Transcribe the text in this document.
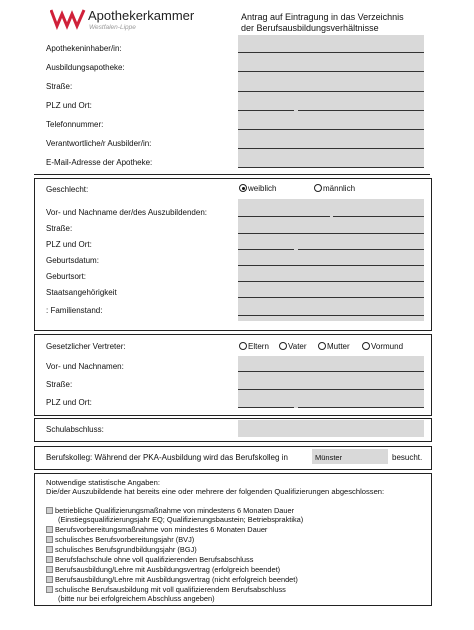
Apothekerkammer
Westfalen-Lippe
Antrag auf Eintragung in das Verzeichnis
der Berufsausbildungsverhältnisse
Apothekeninhaber/in:
Ausbildungsapotheke:
Straße:
PLZ und Ort:
Telefonnummer:
Verantwortliche/r Ausbilder/in:
E-Mail-Adresse der Apotheke:
Geschlecht:	weiblich	männlich
Vor- und Nachname der/des Auszubildenden:
Straße:
PLZ und Ort:
Geburtsdatum:
Geburtsort:
Staatsangehörigkeit
: Familienstand:
Gesetzlicher Vertreter:	Eltern	Vater	Mutter	Vormund
Vor- und Nachnamen:
Straße:
PLZ und Ort:
Schulabschluss:
Berufskolleg: Während der PKA-Ausbildung wird das Berufskolleg in	Münster	besucht.
Notwendige statistische Angaben:
Die/der Auszubildende hat bereits eine oder mehrere der folgenden Qualifizierungen abgeschlossen:
betriebliche Qualifizierungsmaßnahme von mindestens 6 Monaten Dauer
(Einstiegsqualifizierungsjahr EQ; Qualifizierungsbaustein; Betriebspraktika)
Berufsvorbereitungsmaßnahme von mindestes 6 Monaten Dauer
schulisches Berufsvorbereitungsjahr (BVJ)
schulisches Berufsgrundbildungsjahr (BGJ)
Berufsfachschule ohne voll qualifizierenden Berufsabschluss
Berufsausbildung/Lehre mit Ausbildungsvertrag (erfolgreich beendet)
Berufsausbildung/Lehre mit Ausbildungsvertrag (nicht erfolgreich beendet)
schulische Berufsausbildung mit voll qualifizierendem Berufsabschluss
(bitte nur bei erfolgreichem Abschluss angeben)
